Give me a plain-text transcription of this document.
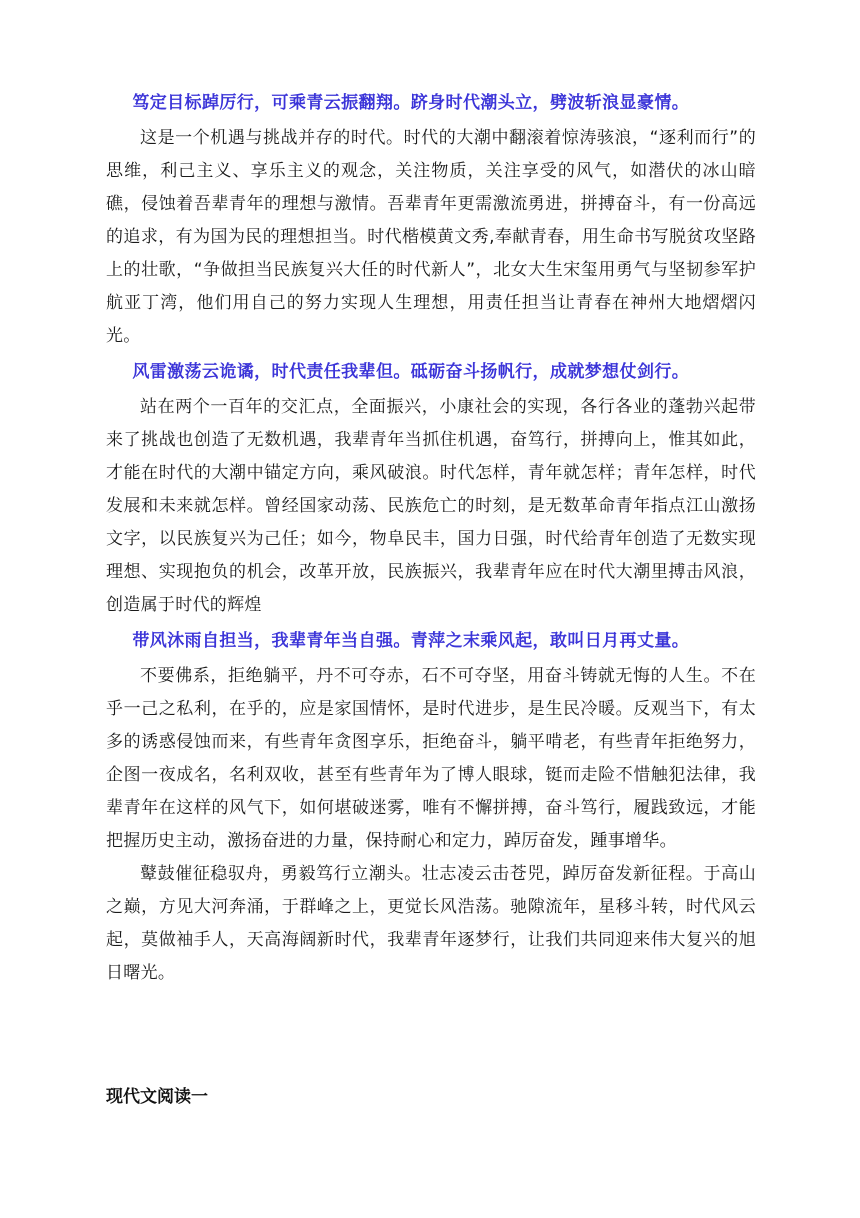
笃定目标踔厉行，可乘青云振翻翔。跻身时代潮头立，劈波斩浪显豪情。

这是一个机遇与挑战并存的时代。时代的大潮中翻滚着惊涛骇浪，“逐利而行”的思维，利己主义、享乐主义的观念，关注物质，关注享受的风气，如潜伏的冰山暗礁，侵蚀着吾辈青年的理想与激情。吾辈青年更需激流勇进，拼搏奋斗，有一份高远的追求，有为国为民的理想担当。时代楷模黄文秀,奉献青春，用生命书写脱贫攻坚路上的壮歌，“争做担当民族复兴大任的时代新人”，北女大生宋玺用勇气与坚韧参军护航亚丁湾，他们用自己的努力实现人生理想，用责任担当让青春在神州大地熠熠闪光。

风雷激荡云诡谲，时代责任我辈但。砥砺奋斗扬帆行，成就梦想仗剑行。

站在两个一百年的交汇点，全面振兴，小康社会的实现，各行各业的蓬勃兴起带来了挑战也创造了无数机遇，我辈青年当抓住机遇，奋笃行，拼搏向上，惟其如此，才能在时代的大潮中锚定方向，乘风破浪。时代怎样，青年就怎样；青年怎样，时代发展和未来就怎样。曾经国家动荡、民族危亡的时刻，是无数革命青年指点江山激扬文字，以民族复兴为己任；如今，物阜民丰，国力日强，时代给青年创造了无数实现理想、实现抱负的机会，改革开放，民族振兴，我辈青年应在时代大潮里搏击风浪，创造属于时代的辉煌

带风沐雨自担当，我辈青年当自强。青萍之末乘风起，敢叫日月再丈量。

不要佛系，拒绝躺平，丹不可夺赤，石不可夺坚，用奋斗铸就无悔的人生。不在乎一己之私利，在乎的，应是家国情怀，是时代进步，是生民冷暖。反观当下，有太多的诱惑侵蚀而来，有些青年贪图享乐，拒绝奋斗，躺平啃老，有些青年拒绝努力，企图一夜成名，名利双收，甚至有些青年为了博人眼球，铤而走险不惜触犯法律，我辈青年在这样的风气下，如何堪破迷雾，唯有不懈拼搏，奋斗笃行，履践致远，才能把握历史主动，激扬奋进的力量，保持耐心和定力，踔厉奋发，踵事增华。

鼙鼓催征稳驭舟，勇毅笃行立潮头。壮志凌云击苍兕，踔厉奋发新征程。于高山之巅，方见大河奔涌，于群峰之上，更觉长风浩荡。驰隙流年，星移斗转，时代风云起，莫做袖手人，天高海阔新时代，我辈青年逐梦行，让我们共同迎来伟大复兴的旭日曙光。

现代文阅读一
